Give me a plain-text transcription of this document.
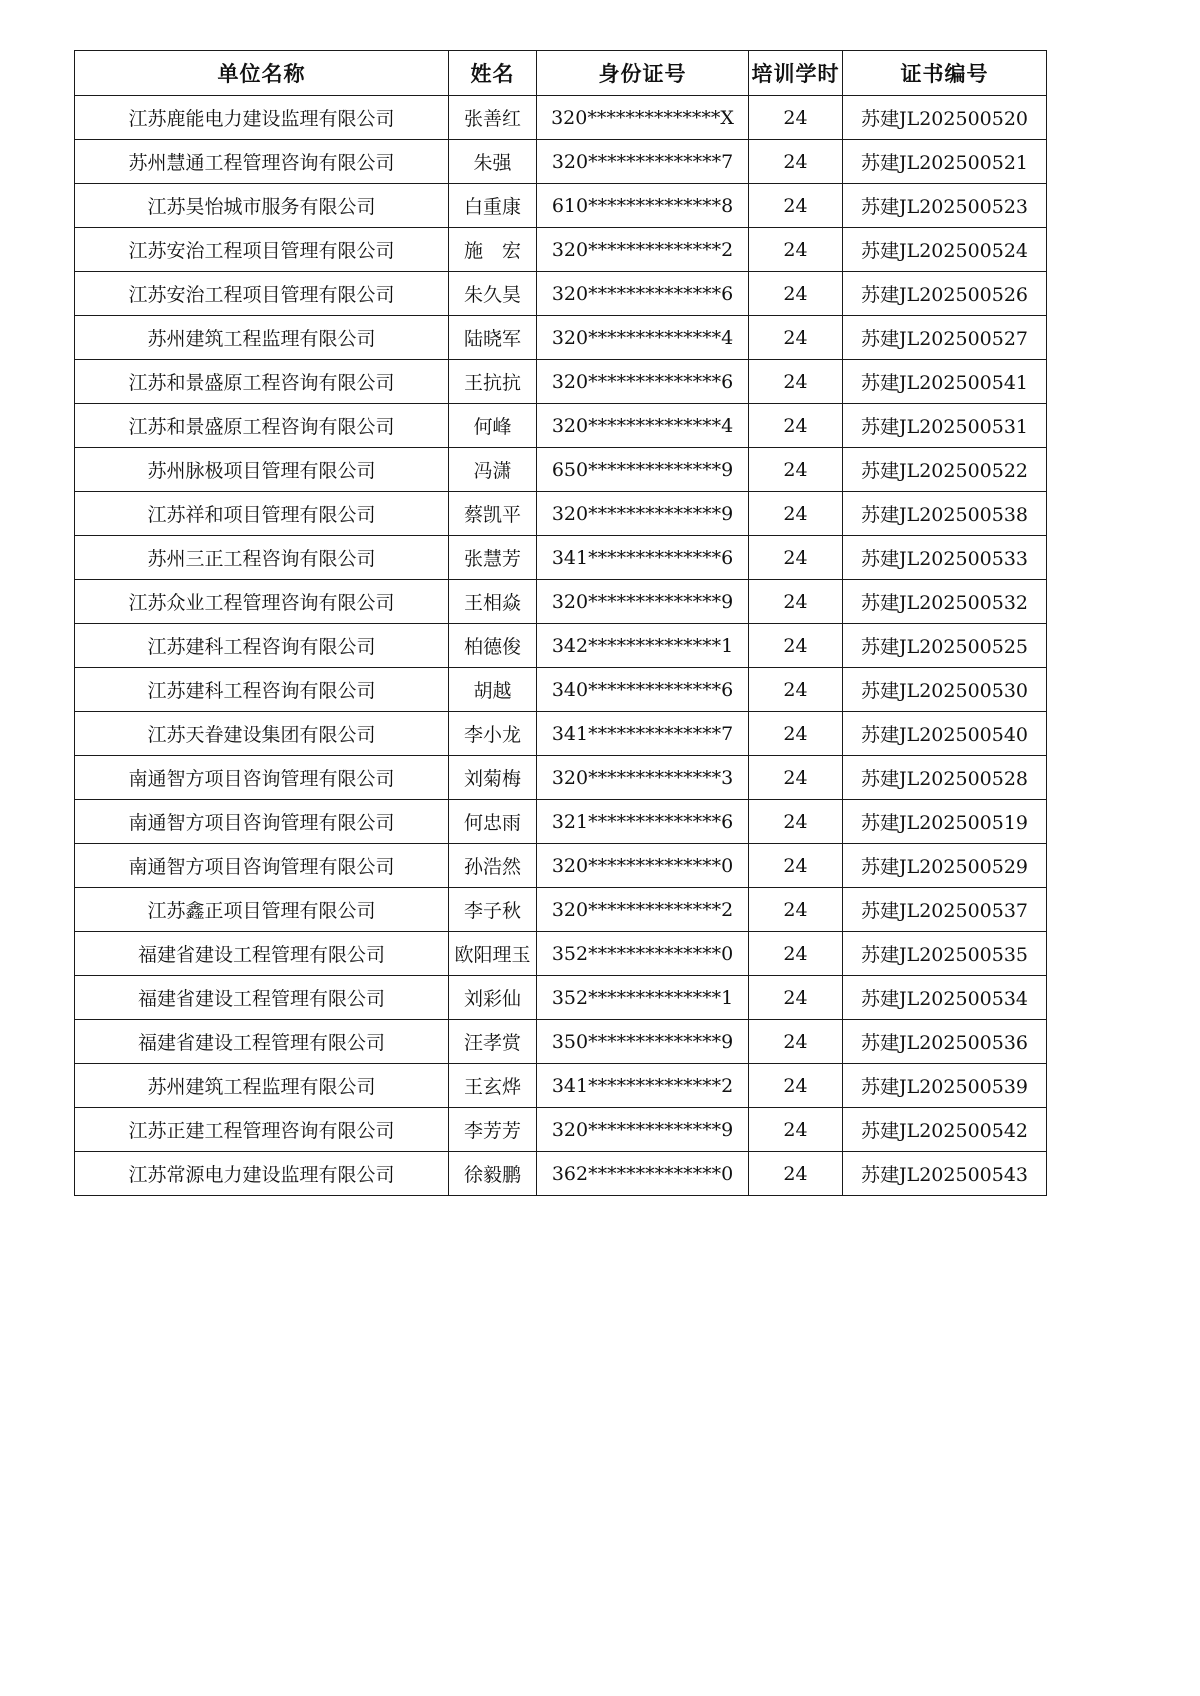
单位名称	姓名	身份证号	培训学时	证书编号
江苏鹿能电力建设监理有限公司	张善红	320**************X	24	苏建JL202500520
苏州慧通工程管理咨询有限公司	朱强	320**************7	24	苏建JL202500521
江苏昊怡城市服务有限公司	白重康	610**************8	24	苏建JL202500523
江苏安治工程项目管理有限公司	施　宏	320**************2	24	苏建JL202500524
江苏安治工程项目管理有限公司	朱久昊	320**************6	24	苏建JL202500526
苏州建筑工程监理有限公司	陆晓军	320**************4	24	苏建JL202500527
江苏和景盛原工程咨询有限公司	王抗抗	320**************6	24	苏建JL202500541
江苏和景盛原工程咨询有限公司	何峰	320**************4	24	苏建JL202500531
苏州脉极项目管理有限公司	冯潇	650**************9	24	苏建JL202500522
江苏祥和项目管理有限公司	蔡凯平	320**************9	24	苏建JL202500538
苏州三正工程咨询有限公司	张慧芳	341**************6	24	苏建JL202500533
江苏众业工程管理咨询有限公司	王相焱	320**************9	24	苏建JL202500532
江苏建科工程咨询有限公司	柏德俊	342**************1	24	苏建JL202500525
江苏建科工程咨询有限公司	胡越	340**************6	24	苏建JL202500530
江苏天眷建设集团有限公司	李小龙	341**************7	24	苏建JL202500540
南通智方项目咨询管理有限公司	刘菊梅	320**************3	24	苏建JL202500528
南通智方项目咨询管理有限公司	何忠雨	321**************6	24	苏建JL202500519
南通智方项目咨询管理有限公司	孙浩然	320**************0	24	苏建JL202500529
江苏鑫正项目管理有限公司	李子秋	320**************2	24	苏建JL202500537
福建省建设工程管理有限公司	欧阳理玉	352**************0	24	苏建JL202500535
福建省建设工程管理有限公司	刘彩仙	352**************1	24	苏建JL202500534
福建省建设工程管理有限公司	汪孝赏	350**************9	24	苏建JL202500536
苏州建筑工程监理有限公司	王玄烨	341**************2	24	苏建JL202500539
江苏正建工程管理咨询有限公司	李芳芳	320**************9	24	苏建JL202500542
江苏常源电力建设监理有限公司	徐毅鹏	362**************0	24	苏建JL202500543
